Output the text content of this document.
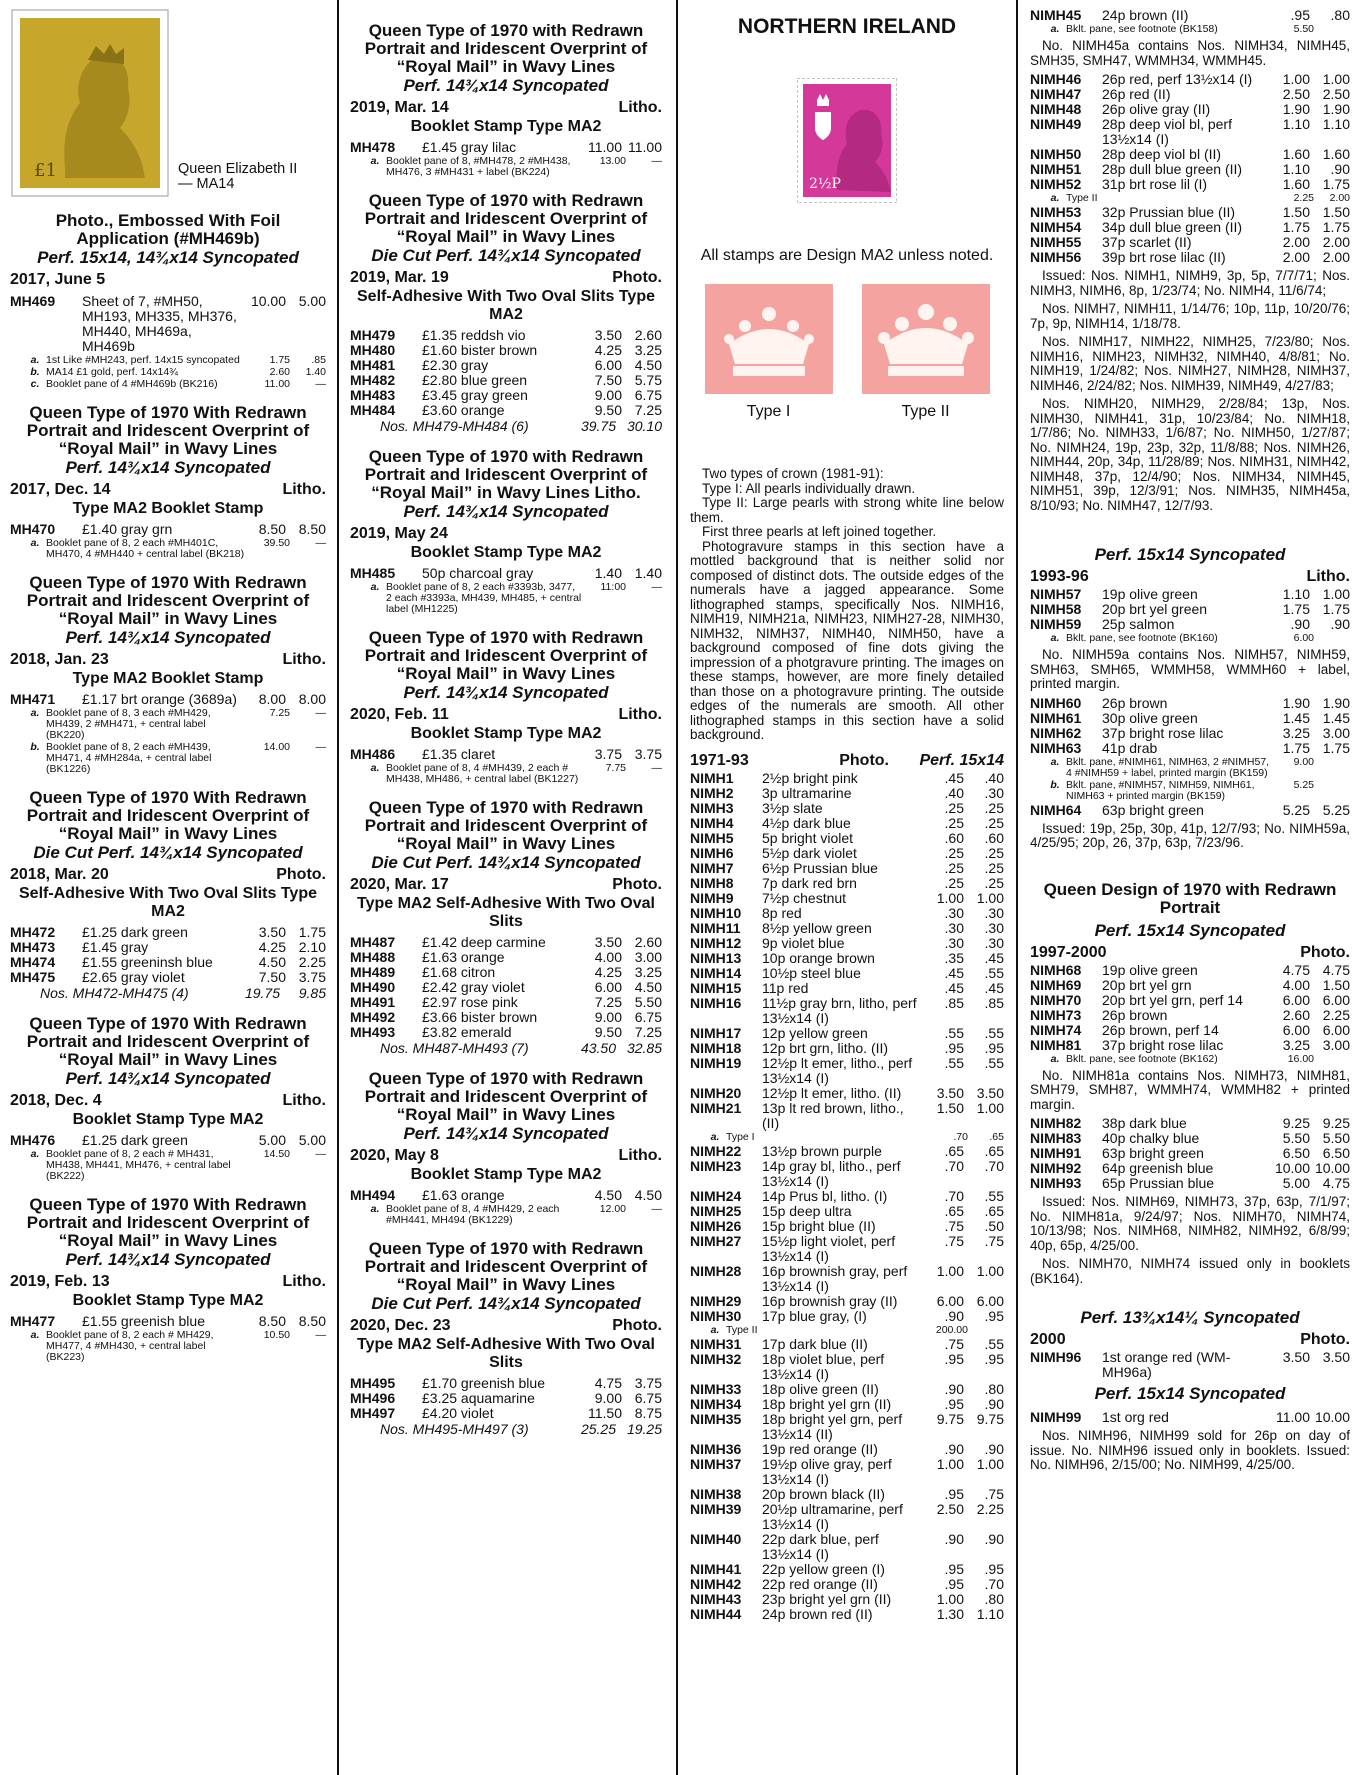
£1	Queen Elizabeth II — MA14
Photo., Embossed With Foil Application (#MH469b)
Perf. 15x14, 14¾x14 Syncopated
2017, June 5
MH469	Sheet of 7, #MH50, MH193, MH335, MH376, MH440, MH469a, MH469b
10.00 5.00
a. 1st Like #MH243, perf. 14x15 syncopated	1.75	.85
b. MA14 £1 gold, perf. 14x14¾	2.60	1.40
c. Booklet pane of 4 #MH469b (BK216)	11.00	—
Queen Type of 1970 With Redrawn Portrait and Iridescent Overprint of “Royal Mail” in Wavy Lines
Perf. 14¾x14 Syncopated
2017, Dec. 14	Litho.
Type MA2 Booklet Stamp
MH470	£1.40 gray grn	8.50 8.50
a. Booklet pane of 8, 2 each #MH401C, MH470, 4 #MH440 + central label (BK218)
39.50	—
Queen Type of 1970 With Redrawn Portrait and Iridescent Overprint of “Royal Mail” in Wavy Lines
Perf. 14¾x14 Syncopated
2018, Jan. 23	Litho.
Type MA2 Booklet Stamp
MH471	£1.17 brt orange (3689a)	8.00 8.00
a. Booklet pane of 8, 3 each #MH429, MH439, 2 #MH471, + central label (BK220)
7.25	—
b. Booklet pane of 8, 2 each #MH439, MH471, 4 #MH284a, + central label (BK1226)
14.00	—
Queen Type of 1970 With Redrawn Portrait and Iridescent Overprint of “Royal Mail” in Wavy Lines
Die Cut Perf. 14¾x14 Syncopated
2018, Mar. 20	Photo.
Self-Adhesive With Two Oval Slits Type MA2
MH472	£1.25 dark green	3.50 1.75
MH473	£1.45 gray	4.25 2.10
MH474	£1.55 greeninsh blue	4.50 2.25
MH475	£2.65 gray violet	7.50 3.75
Nos. MH472-MH475 (4)	19.75	9.85
Queen Type of 1970 With Redrawn Portrait and Iridescent Overprint of “Royal Mail” in Wavy Lines
Perf. 14¾x14 Syncopated
2018, Dec. 4	Litho.
Booklet Stamp Type MA2
MH476	£1.25 dark green	5.00 5.00
a. Booklet pane of 8, 2 each # MH431, MH438, MH441, MH476, + central label (BK222)
14.50	—
Queen Type of 1970 With Redrawn Portrait and Iridescent Overprint of “Royal Mail” in Wavy Lines
Perf. 14¾x14 Syncopated
2019, Feb. 13	Litho.
Booklet Stamp Type MA2
MH477	£1.55 greenish blue	8.50 8.50
a. Booklet pane of 8, 2 each # MH429, MH477, 4 #MH430, + central label (BK223)
10.50	—
Queen Type of 1970 with Redrawn Portrait and Iridescent Overprint of “Royal Mail” in Wavy Lines
Perf. 14¾x14 Syncopated
2019, Mar. 14	Litho.
Booklet Stamp Type MA2
MH478	£1.45 gray lilac	11.00 11.00
a. Booklet pane of 8, #MH478, 2 #MH438, MH476, 3 #MH431 + label (BK224)
13.00	—
Queen Type of 1970 with Redrawn Portrait and Iridescent Overprint of “Royal Mail” in Wavy Lines
Die Cut Perf. 14¾x14 Syncopated
2019, Mar. 19	Photo.
Self-Adhesive With Two Oval Slits Type MA2
MH479	£1.35 reddsh vio	3.50 2.60
MH480	£1.60 bister brown	4.25 3.25
MH481	£2.30 gray	6.00 4.50
MH482	£2.80 blue green	7.50 5.75
MH483	£3.45 gray green	9.00 6.75
MH484	£3.60 orange	9.50 7.25
Nos. MH479-MH484 (6)	39.75 30.10
Queen Type of 1970 with Redrawn Portrait and Iridescent Overprint of “Royal Mail” in Wavy Lines Litho.
Perf. 14¾x14 Syncopated
2019, May 24
Booklet Stamp Type MA2
MH485	50p charcoal gray	1.40 1.40
a. Booklet pane of 8, 2 each #3393b, 3477, 2 each #3393a, MH439, MH485, + central label (MH1225)
11:00	—
Queen Type of 1970 with Redrawn Portrait and Iridescent Overprint of “Royal Mail” in Wavy Lines
Perf. 14¾x14 Syncopated
2020, Feb. 11	Litho.
Booklet Stamp Type MA2
MH486	£1.35 claret	3.75 3.75
a. Booklet pane of 8, 4 #MH439, 2 each # MH438, MH486, + central label (BK1227)
7.75	—
Queen Type of 1970 with Redrawn Portrait and Iridescent Overprint of “Royal Mail” in Wavy Lines
Die Cut Perf. 14¾x14 Syncopated
2020, Mar. 17	Photo.
Type MA2 Self-Adhesive With Two Oval Slits
MH487	£1.42 deep carmine	3.50 2.60
MH488	£1.63 orange	4.00 3.00
MH489	£1.68 citron	4.25 3.25
MH490	£2.42 gray violet	6.00 4.50
MH491	£2.97 rose pink	7.25 5.50
MH492	£3.66 bister brown	9.00 6.75
MH493	£3.82 emerald	9.50 7.25
Nos. MH487-MH493 (7)	43.50 32.85
Queen Type of 1970 with Redrawn Portrait and Iridescent Overprint of “Royal Mail” in Wavy Lines
Perf. 14¾x14 Syncopated
2020, May 8	Litho.
Booklet Stamp Type MA2
MH494	£1.63 orange	4.50 4.50
a. Booklet pane of 8, 4 #MH429, 2 each #MH441, MH494 (BK1229)
12.00	—
Queen Type of 1970 with Redrawn Portrait and Iridescent Overprint of “Royal Mail” in Wavy Lines
Die Cut Perf. 14¾x14 Syncopated
2020, Dec. 23	Photo.
Type MA2 Self-Adhesive With Two Oval Slits
MH495	£1.70 greenish blue	4.75 3.75
MH496	£3.25 aquamarine	9.00 6.75
MH497	£4.20 violet	11.50 8.75
Nos. MH495-MH497 (3)	25.25 19.25
NORTHERN IRELAND
2½P
All stamps are Design MA2 unless noted.
Type I	Type II
Two types of crown (1981-91):
Type I: All pearls individually drawn.
Type II: Large pearls with strong white line below them.
First three pearls at left joined together.
Photogravure stamps in this section have a mottled background that is neither solid nor composed of distinct dots. The outside edges of the numerals have a jagged appearance. Some lithographed stamps, specifically Nos. NIMH16, NIMH19, NIMH21a, NIMH23, NIMH27-28, NIMH30, NIMH32, NIMH37, NIMH40, NIMH50, have a background composed of fine dots giving the impression of a photgravure printing. The images on these stamps, however, are more finely detailed than those on a photogravure printing. The outside edges of the numerals are smooth. All other lithographed stamps in this section have a solid background.
1971-93	Photo. Perf. 15x14
NIMH1	2½p bright pink	.45	.40
NIMH2	3p ultramarine	.40	.30
NIMH3	3½p slate	.25	.25
NIMH4	4½p dark blue	.25	.25
NIMH5	5p bright violet	.60	.60
NIMH6	5½p dark violet	.25	.25
NIMH7	6½p Prussian blue	.25	.25
NIMH8	7p dark red brn	.25	.25
NIMH9	7½p chestnut	1.00 1.00
NIMH10	8p red	.30	.30
NIMH11	8½p yellow green	.30	.30
NIMH12	9p violet blue	.30	.30
NIMH13	10p orange brown	.35	.45
NIMH14	10½p steel blue	.45	.55
NIMH15	11p red	.45	.45
NIMH16	11½p gray brn, litho, perf 13½x14 (I)
.85	.85
NIMH17	12p yellow green	.55	.55
NIMH18	12p brt grn, litho. (II)	.95	.95
NIMH19	12½p lt emer, litho., perf 13½x14 (I)
.55	.55
NIMH20	12½p lt emer, litho. (II)	3.50 3.50
NIMH21	13p lt red brown, litho., (II)
1.50 1.00
a. Type I	.70	.65
NIMH22	13½p brown purple	.65	.65
NIMH23	14p gray bl, litho., perf 13½x14 (I)
.70	.70
NIMH24	14p Prus bl, litho. (I)	.70	.55
NIMH25	15p deep ultra	.65	.65
NIMH26	15p bright blue (II)	.75	.50
NIMH27	15½p light violet, perf 13½x14 (I)
.75	.75
NIMH28	16p brownish gray, perf 13½x14 (I)
1.00 1.00
NIMH29	16p brownish gray (II)	6.00 6.00
NIMH30	17p blue gray, (I)	.90	.95
a. Type II	200.00
NIMH31	17p dark blue (II)	.75	.55
NIMH32	18p violet blue, perf 13½x14 (I)
.95	.95
NIMH33	18p olive green (II)	.90	.80
NIMH34	18p bright yel grn (II)	.95	.90
NIMH35	18p bright yel grn, perf 13½x14 (II)
9.75 9.75
NIMH36	19p red orange (II)	.90	.90
NIMH37	19½p olive gray, perf 13½x14 (I)
1.00 1.00
NIMH38	20p brown black (II)	.95	.75
NIMH39	20½p ultramarine, perf 13½x14 (I)
2.50 2.25
NIMH40	22p dark blue, perf 13½x14 (I)
.90	.90
NIMH41	22p yellow green (I)	.95	.95
NIMH42	22p red orange (II)	.95	.70
NIMH43	23p bright yel grn (II)	1.00	.80
NIMH44	24p brown red (II)	1.30 1.10
NIMH45	24p brown (II)	.95	.80
a. Bklt. pane, see footnote (BK158)	5.50
No. NIMH45a contains Nos. NIMH34, NIMH45, SMH35, SMH47, WMMH34, WMMH45.
NIMH46	26p red, perf 13½x14 (I)	1.00 1.00
NIMH47	26p red (II)	2.50 2.50
NIMH48	26p olive gray (II)	1.90 1.90
NIMH49	28p deep viol bl, perf 13½x14 (I)
1.10 1.10
NIMH50	28p deep viol bl (II)	1.60 1.60
NIMH51	28p dull blue green (II)	1.10	.90
NIMH52	31p brt rose lil (I)	1.60 1.75
a. Type II	2.25	2.00
NIMH53	32p Prussian blue (II)	1.50 1.50
NIMH54	34p dull blue green (II)	1.75 1.75
NIMH55	37p scarlet (II)	2.00 2.00
NIMH56	39p brt rose lilac (II)	2.00 2.00
Issued: Nos. NIMH1, NIMH9, 3p, 5p, 7/7/71; Nos. NIMH3, NIMH6, 8p, 1/23/74; No. NIMH4, 11/6/74;
Nos. NIMH7, NIMH11, 1/14/76; 10p, 11p, 10/20/76; 7p, 9p, NIMH14, 1/18/78.
Nos. NIMH17, NIMH22, NIMH25, 7/23/80; Nos. NIMH16, NIMH23, NIMH32, NIMH40, 4/8/81; No. NIMH19, 1/24/82; Nos. NIMH27, NIMH28, NIMH37, NIMH46, 2/24/82; Nos. NIMH39, NIMH49, 4/27/83;
Nos. NIMH20, NIMH29, 2/28/84; 13p, Nos. NIMH30, NIMH41, 31p, 10/23/84; No. NIMH18, 1/7/86; No. NIMH33, 1/6/87; No. NIMH50, 1/27/87; No. NIMH24, 19p, 23p, 32p, 11/8/88; Nos. NIMH26, NIMH44, 20p, 34p, 11/28/89; Nos. NIMH31, NIMH42, NIMH48, 37p, 12/4/90; Nos. NIMH34, NIMH45, NIMH51, 39p, 12/3/91; Nos. NIMH35, NIMH45a, 8/10/93; No. NIMH47, 12/7/93.
Perf. 15x14 Syncopated
1993-96	Litho.
NIMH57	19p olive green	1.10 1.00
NIMH58	20p brt yel green	1.75 1.75
NIMH59	25p salmon	.90	.90
a. Bklt. pane, see footnote (BK160)	6.00
No. NIMH59a contains Nos. NIMH57, NIMH59, SMH63, SMH65, WMMH58, WMMH60 + label, printed margin.
NIMH60	26p brown	1.90 1.90
NIMH61	30p olive green	1.45 1.45
NIMH62	37p bright rose lilac	3.25 3.00
NIMH63	41p drab	1.75 1.75
a. Bklt. pane, #NIMH61, NIMH63, 2 #NIMH57, 4 #NIMH59 + label, printed margin (BK159)
9.00
b. Bklt. pane, #NIMH57, NIMH59, NIMH61, NIMH63 + printed margin (BK159)
5.25
NIMH64	63p bright green	5.25 5.25
Issued: 19p, 25p, 30p, 41p, 12/7/93; No. NIMH59a, 4/25/95; 20p, 26, 37p, 63p, 7/23/96.
Queen Design of 1970 with Redrawn Portrait
Perf. 15x14 Syncopated
1997-2000	Photo.
NIMH68	19p olive green	4.75 4.75
NIMH69	20p brt yel grn	4.00 1.50
NIMH70	20p brt yel grn, perf 14	6.00 6.00
NIMH73	26p brown	2.60 2.25
NIMH74	26p brown, perf 14	6.00 6.00
NIMH81	37p bright rose lilac	3.25 3.00
a. Bklt. pane, see footnote (BK162)	16.00
No. NIMH81a contains Nos. NIMH73, NIMH81, SMH79, SMH87, WMMH74, WMMH82 + printed margin.
NIMH82	38p dark blue	9.25 9.25
NIMH83	40p chalky blue	5.50 5.50
NIMH91	63p bright green	6.50 6.50
NIMH92	64p greenish blue	10.00 10.00
NIMH93	65p Prussian blue	5.00 4.75
Issued: Nos. NIMH69, NIMH73, 37p, 63p, 7/1/97; No. NIMH81a, 9/24/97; Nos. NIMH70, NIMH74, 10/13/98; Nos. NIMH68, NIMH82, NIMH92, 6/8/99; 40p, 65p, 4/25/00.
Nos. NIMH70, NIMH74 issued only in booklets (BK164).
Perf. 13¾x14¼ Syncopated
2000	Photo.
NIMH96	1st orange red (WM-MH96a)
3.50 3.50
Perf. 15x14 Syncopated
NIMH99	1st org red	11.00 10.00
Nos. NIMH96, NIMH99 sold for 26p on day of issue. No. NIMH96 issued only in booklets. Issued: No. NIMH96, 2/15/00; No. NIMH99, 4/25/00.
